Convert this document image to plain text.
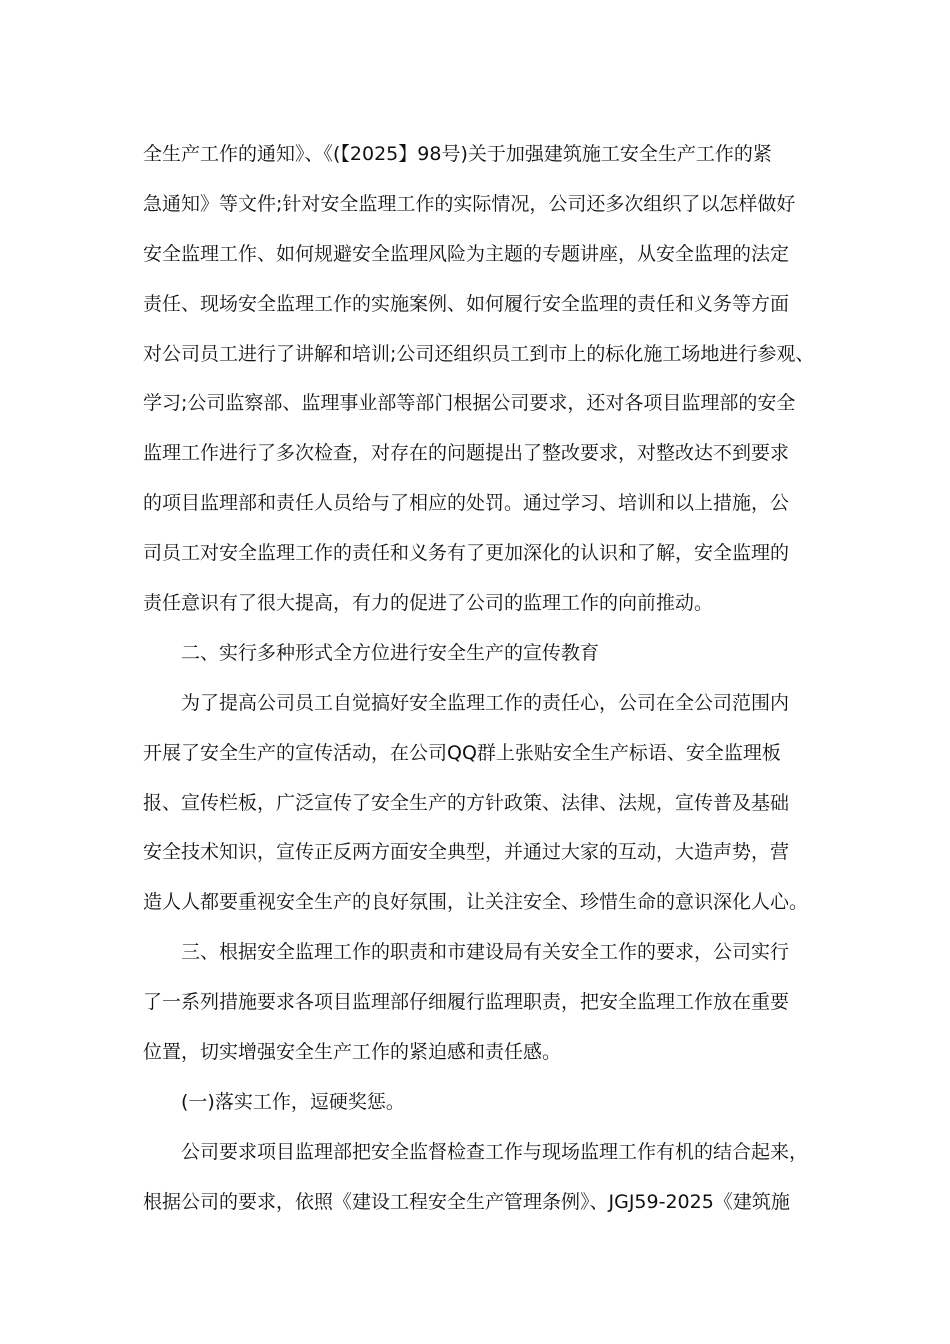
全生产工作的通知》、《(【2025】98号)关于加强建筑施工安全生产工作的紧
急通知》等文件;针对安全监理工作的实际情况，公司还多次组织了以怎样做好
安全监理工作、如何规避安全监理风险为主题的专题讲座，从安全监理的法定
责任、现场安全监理工作的实施案例、如何履行安全监理的责任和义务等方面
对公司员工进行了讲解和培训;公司还组织员工到市上的标化施工场地进行参观、
学习;公司监察部、监理事业部等部门根据公司要求，还对各项目监理部的安全
监理工作进行了多次检查，对存在的问题提出了整改要求，对整改达不到要求
的项目监理部和责任人员给与了相应的处罚。通过学习、培训和以上措施，公
司员工对安全监理工作的责任和义务有了更加深化的认识和了解，安全监理的
责任意识有了很大提高，有力的促进了公司的监理工作的向前推动。
二、实行多种形式全方位进行安全生产的宣传教育
为了提高公司员工自觉搞好安全监理工作的责任心，公司在全公司范围内
开展了安全生产的宣传活动，在公司QQ群上张贴安全生产标语、安全监理板
报、宣传栏板，广泛宣传了安全生产的方针政策、法律、法规，宣传普及基础
安全技术知识，宣传正反两方面安全典型，并通过大家的互动，大造声势，营
造人人都要重视安全生产的良好氛围，让关注安全、珍惜生命的意识深化人心。
三、根据安全监理工作的职责和市建设局有关安全工作的要求，公司实行
了一系列措施要求各项目监理部仔细履行监理职责，把安全监理工作放在重要
位置，切实增强安全生产工作的紧迫感和责任感。
(一)落实工作，逗硬奖惩。
公司要求项目监理部把安全监督检查工作与现场监理工作有机的结合起来，
根据公司的要求，依照《建设工程安全生产管理条例》、JGJ59-2025《建筑施
